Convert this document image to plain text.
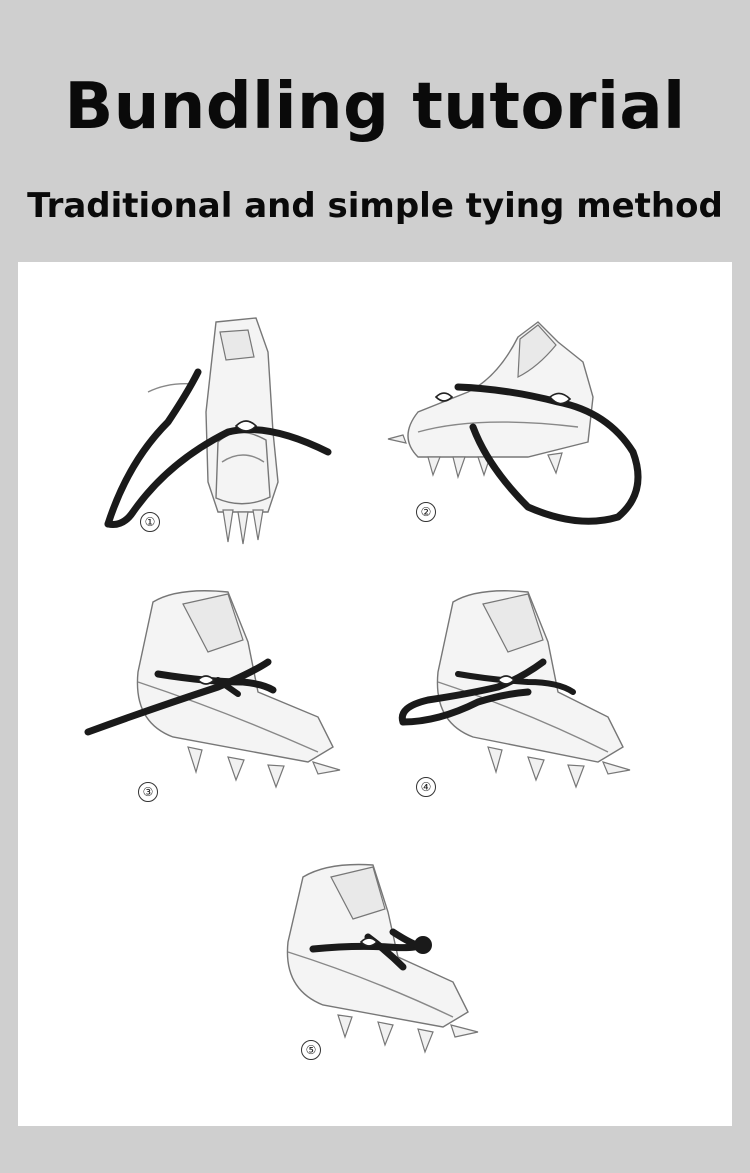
Bundling tutorial
Traditional and simple tying method
①
②
③	④
⑤
